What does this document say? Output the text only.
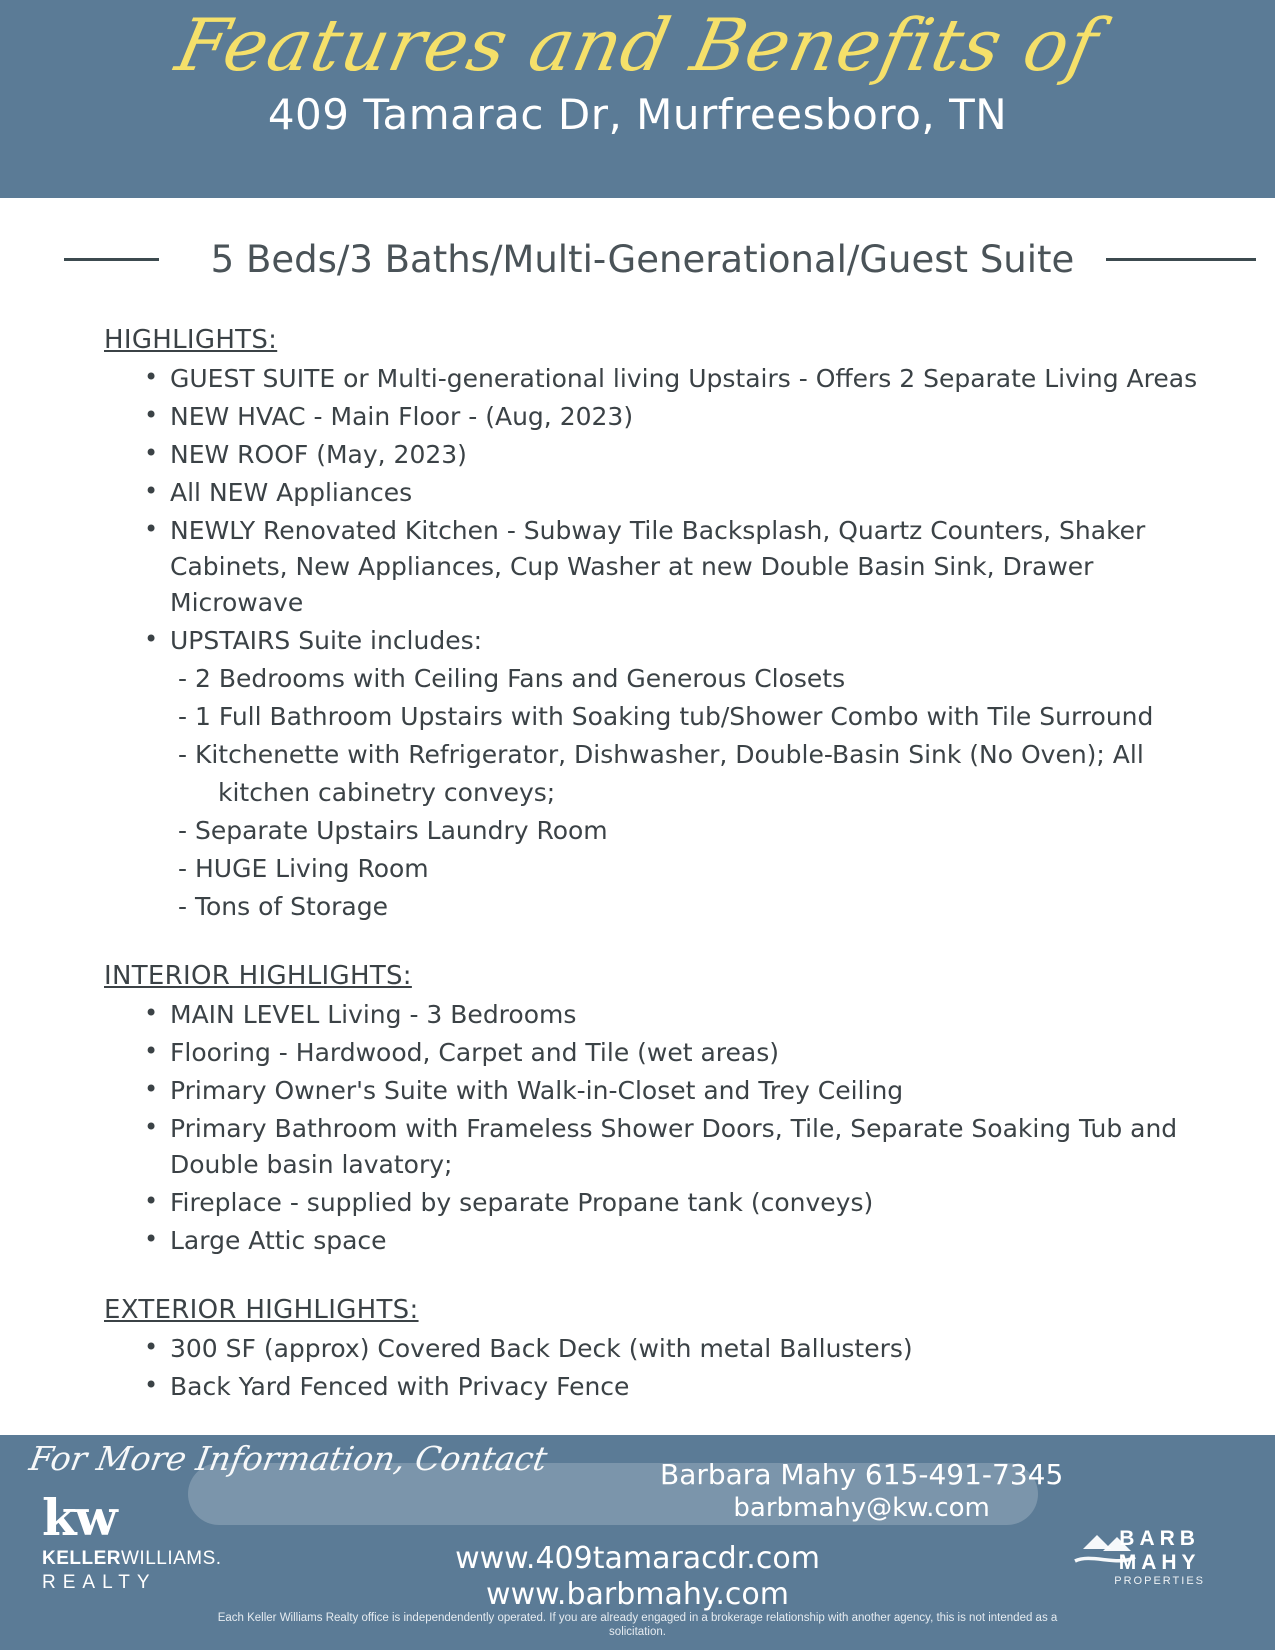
Features and Benefits of
409 Tamarac Dr, Murfreesboro, TN
5 Beds/3 Baths/Multi-Generational/Guest Suite
HIGHLIGHTS:
• GUEST SUITE or Multi-generational living Upstairs - Offers 2 Separate Living Areas
• NEW HVAC - Main Floor - (Aug, 2023)
• NEW ROOF (May, 2023)
• All NEW Appliances
• NEWLY Renovated Kitchen - Subway Tile Backsplash, Quartz Counters, Shaker Cabinets, New Appliances, Cup Washer at new Double Basin Sink, Drawer Microwave
• UPSTAIRS Suite includes:
- 2 Bedrooms with Ceiling Fans and Generous Closets
- 1 Full Bathroom Upstairs with Soaking tub/Shower Combo with Tile Surround
- Kitchenette with Refrigerator, Dishwasher, Double-Basin Sink (No Oven); All
kitchen cabinetry conveys;
- Separate Upstairs Laundry Room
- HUGE Living Room
- Tons of Storage
INTERIOR HIGHLIGHTS:
• MAIN LEVEL Living - 3 Bedrooms
• Flooring - Hardwood, Carpet and Tile (wet areas)
• Primary Owner's Suite with Walk-in-Closet and Trey Ceiling
• Primary Bathroom with Frameless Shower Doors, Tile, Separate Soaking Tub and Double basin lavatory;
• Fireplace - supplied by separate Propane tank (conveys)
• Large Attic space
EXTERIOR HIGHLIGHTS:
• 300 SF (approx) Covered Back Deck (with metal Ballusters)
• Back Yard Fenced with Privacy Fence
kw
KELLERWILLIAMS.
REALTY
For More Information, Contact	Barbara Mahy 615-491-7345
barbmahy@kw.com
www.409tamaracdr.com
www.barbmahy.com
BARB
MAHY
PROPERTIES
Each Keller Williams Realty office is independendently operated. If you are already engaged in a brokerage relationship with another agency, this is not intended as a solicitation.
